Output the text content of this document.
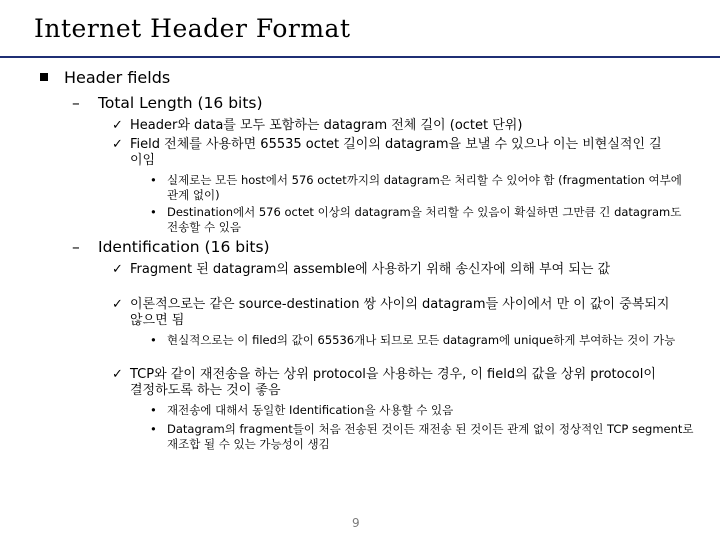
Internet Header Format
Header fields
– Total Length (16 bits)
✓ Header와 data를 모두 포함하는 datagram 전체 길이 (octet 단위)
✓ Field 전체를 사용하면 65535 octet 길이의 datagram을 보낼 수 있으나 이는 비현실적인 길이임
• 실제로는 모든 host에서 576 octet까지의 datagram은 처리할 수 있어야 함 (fragmentation 여부에 관계 없이)
• Destination에서 576 octet 이상의 datagram을 처리할 수 있음이 확실하면 그만큼 긴 datagram도 전송할 수 있음
– Identification (16 bits)
✓ Fragment 된 datagram의 assemble에 사용하기 위해 송신자에 의해 부여 되는 값
✓ 이론적으로는 같은 source-destination 쌍 사이의 datagram들 사이에서 만 이 값이 중복되지 않으면 됨
• 현실적으로는 이 filed의 값이 65536개나 되므로 모든 datagram에 unique하게 부여하는 것이 가능
✓ TCP와 같이 재전송을 하는 상위 protocol을 사용하는 경우, 이 field의 값을 상위 protocol이 결정하도록 하는 것이 좋음
• 재전송에 대해서 동일한 Identification을 사용할 수 있음
• Datagram의 fragment들이 처음 전송된 것이든 재전송 된 것이든 관계 없이 정상적인 TCP segment로 재조합 될 수 있는 가능성이 생김
9
